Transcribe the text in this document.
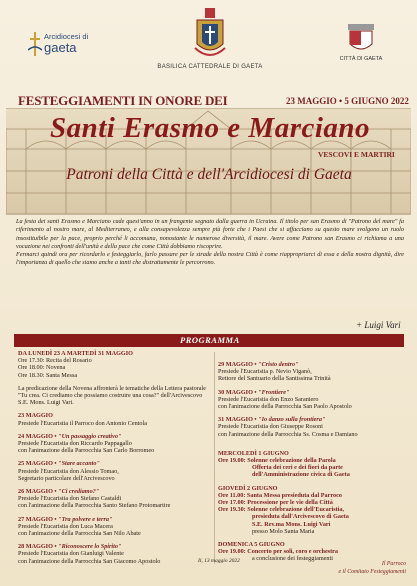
Arcidiocesi di
gaeta
BASILICA CATTEDRALE DI GAETA
CITTÀ DI GAETA
FESTEGGIAMENTI IN ONORE DEI	23 MAGGIO • 5 GIUGNO 2022
Santi Erasmo e Marciano
VESCOVI E MARTIRI
Patroni della Città e dell'Arcidiocesi di Gaeta

La festa dei santi Erasmo e Marciano cade quest'anno in un frangente segnato dalla guerra in Ucraina. Il titolo per san Erasmo di "Patrono del mare" fa riferimento al nostro mare, al Mediterraneo, e alla consapevolezza sempre più forte che i Paesi che si affacciano su questo mare svolgono un ruolo insostituibile per la pace, proprio perché li accomuna, nonostante le numerose diversità, il mare. Avere come Patrono san Erasmo ci richiama a una vocazione nei confronti dell'unità e della pace che come Città dobbiamo riscoprire.

Fermarci quindi ora per ricordarlo e festeggiarlo, farlo passare per le strade della nostra Città è come riappropriarci di essa e della nostra dignità, dire l'importanza di quello che siamo anche a tanti che distrattamente le percorrono.

+ Luigi Vari
PROGRAMMA
DA LUNEDÌ 23 A MARTEDÌ 31 MAGGIO
Ore 17.30: Recita del Rosario
Ore 18.00: Novena
Ore 18.30: Santa Messa
La predicazione della Novena affronterà le tematiche della Lettera pastorale "Tu crea. Ci crediamo che possiamo costruire una cosa?" dell'Arcivescovo S.E. Mons. Luigi Vari.
23 MAGGIO
Presiede l'Eucaristia il Parroco don Antonio Centola
24 MAGGIO • "Un passaggio creativo"
Presiede l'Eucaristia don Riccardo Pappagallo
con l'animazione della Parrocchia San Carlo Borromeo
25 MAGGIO • "Stare accanto"
Presiede l'Eucaristia don Alessio Tomao,
Segretario particolare dell'Arcivescovo
26 MAGGIO • "Ci crediamo?"
Presiede l'Eucaristia don Stefano Castaldi
con l'animazione della Parrocchia Santo Stefano Protomartire
27 MAGGIO • "Tra polvere e terra"
Presiede l'Eucaristia don Luca Macera
con l'animazione della Parrocchia San Nilo Abate
28 MAGGIO • "Riconoscere lo Spirito"
Presiede l'Eucaristia don Gianluigi Valente
con l'animazione della Parrocchia San Giacomo Apostolo
29 MAGGIO • "Cristo dentro"
Presiede l'Eucaristia p. Nevio Viganò,
Rettore del Santuario della Santissima Trinità
30 MAGGIO • "Frontiere"
Presiede l'Eucaristia don Enzo Saraniero
con l'animazione della Parrocchia San Paolo Apostolo
31 MAGGIO • "Io danzo sulla frontiera"
Presiede l'Eucaristia don Giuseppe Rosoni
con l'animazione della Parrocchia Ss. Cosma e Damiano
MERCOLEDÌ 1 GIUGNO
Ore 19.00: Solenne celebrazione della Parola
Offerta dei ceri e dei fiori da parte
dell'Amministrazione civica di Gaeta
GIOVEDÌ 2 GIUGNO
Ore 11.00: Santa Messa presieduta dal Parroco
Ore 17.00: Processione per le vie della Città
Ore 19.30: Solenne celebrazione dell'Eucaristia,
presieduta dall'Arcivescovo di Gaeta
S.E. Rev.ma Mons. Luigi Vari
presso Molo Santa Maria
DOMENICA 5 GIUGNO
Ore 19.00: Concerto per soli, coro e orchestra
a conclusione dei festeggiamenti
Il, 13 maggio 2022	Il Parroco
e il Comitato Festeggiamenti
